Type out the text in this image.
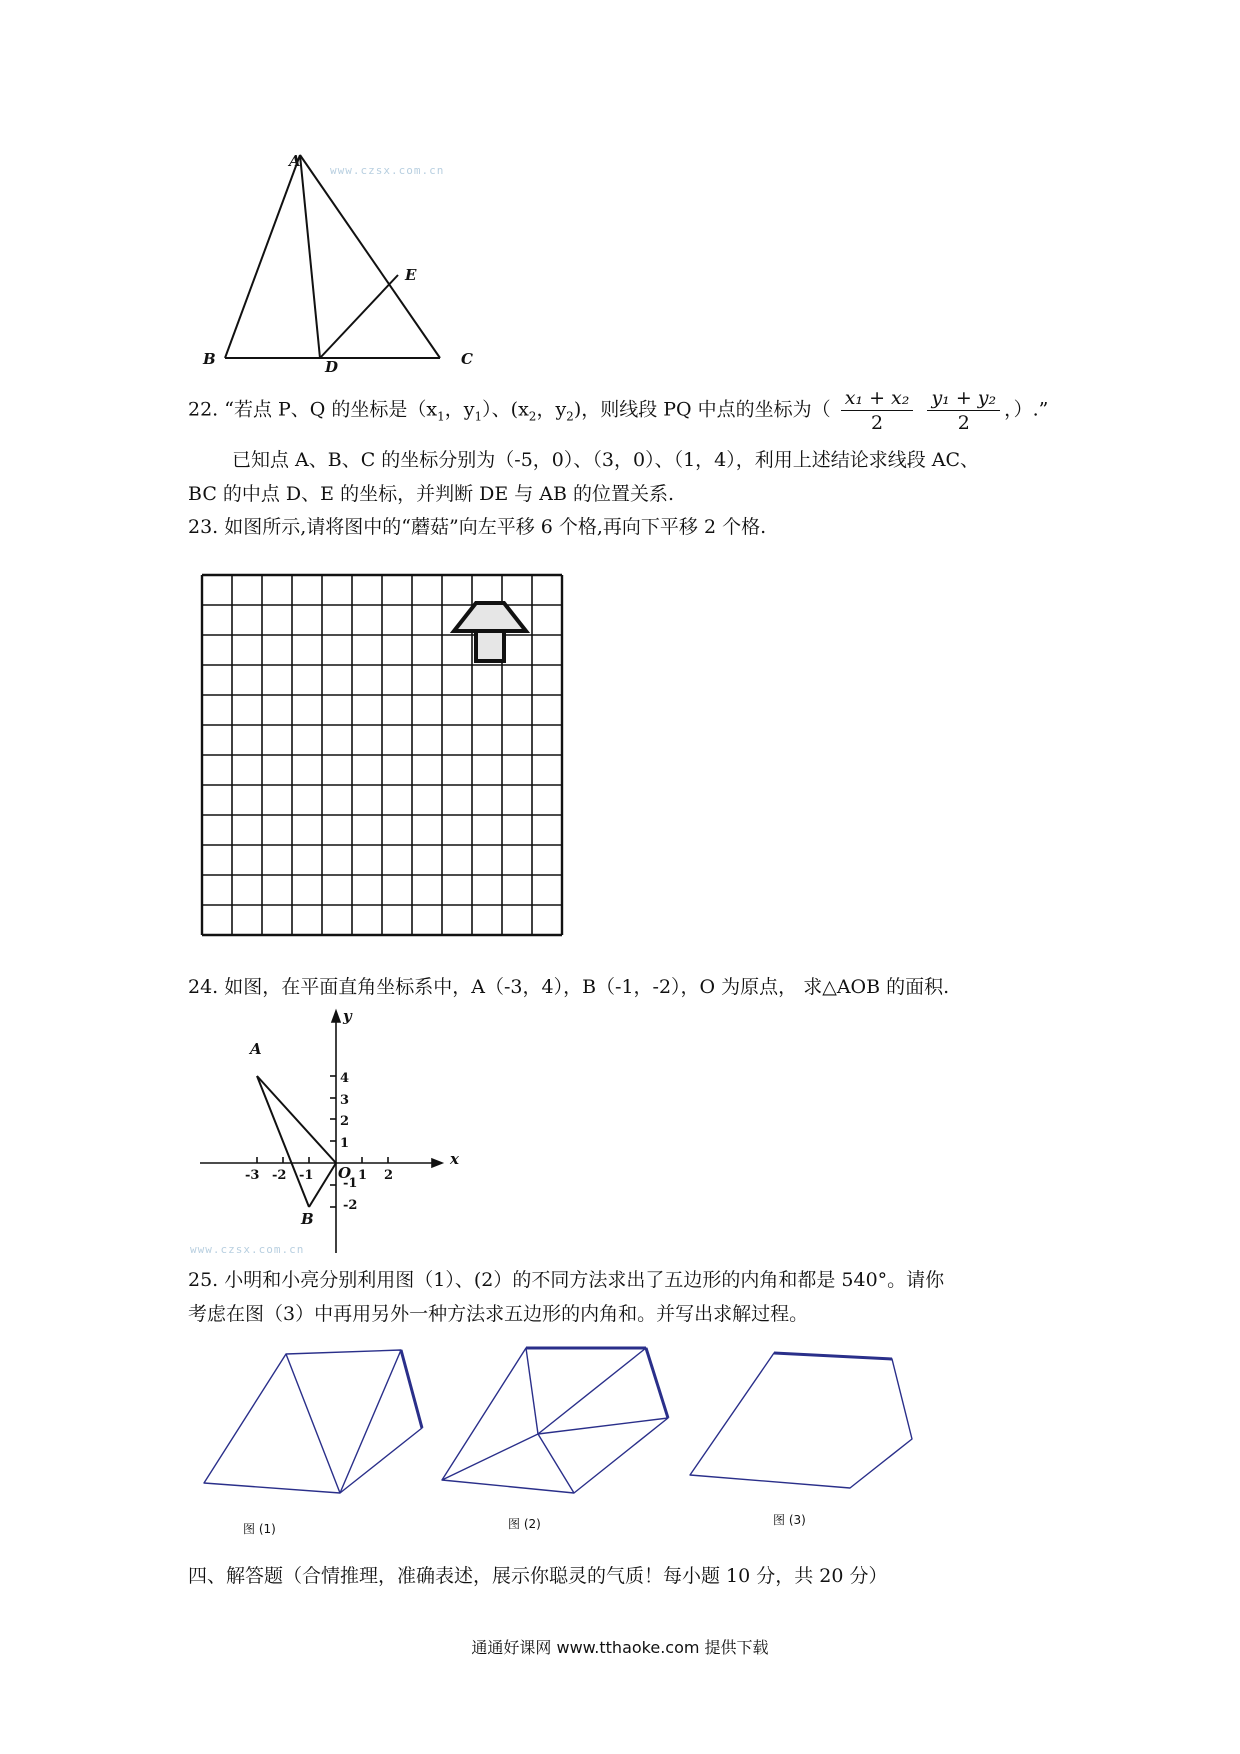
A
B	C
D
E
www.czsx.com.cn
22. “若点 P、Q 的坐标是（$x_1$，$y_1$）、($x_2$，$y_2$)，则线段 PQ 中点的坐标为（ $\frac{\text{x₁ + x₂}}{2}$
$\frac{\text{y₁ + y₂}}{2}$ ，）.”
已知点 A、B、C 的坐标分别为（-5，0）、（3，0）、（1，4），利用上述结论求线段 AC、
BC 的中点 D、E 的坐标，并判断 DE 与 AB 的位置关系.
23. 如图所示,请将图中的“蘑菇”向左平移 6 个格,再向下平移 2 个格.
24. 如图，在平面直角坐标系中，A（-3，4），B（-1，-2），O 为原点， 求△AOB 的面积.
A
B
y
x
O
4
3
2
1
-1
-2
-3 -2 -1	1 2
www.czsx.com.cn
25. 小明和小亮分别利用图（1）、(2）的不同方法求出了五边形的内角和都是 540°。请你
考虑在图（3）中再用另外一种方法求五边形的内角和。并写出求解过程。
图 (1)	图 (2)	图 (3)
四、解答题（合情推理，准确表述，展示你聪灵的气质！每小题 10 分，共 20 分）
通通好课网 www.tthaoke.com 提供下载
